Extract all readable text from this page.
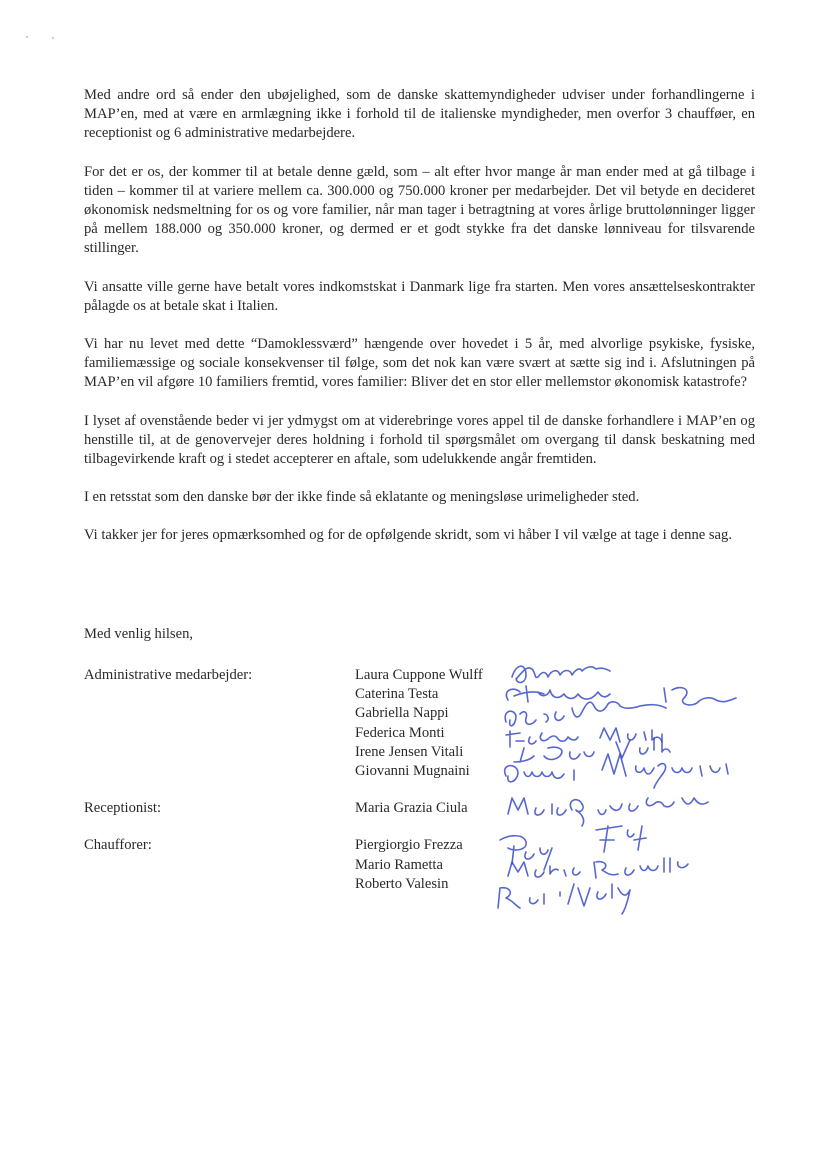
Med andre ord så ender den ubøjelighed, som de danske skattemyndigheder udviser under forhandlingerne i MAP’en, med at være en armlægning ikke i forhold til de italienske myndigheder, men overfor 3 chaufføer, en receptionist og 6 administrative medarbejdere.

For det er os, der kommer til at betale denne gæld, som – alt efter hvor mange år man ender med at gå tilbage i tiden – kommer til at variere mellem ca. 300.000 og 750.000 kroner per medarbejder. Det vil betyde en decideret økonomisk nedsmeltning for os og vore familier, når man tager i betragtning at vores årlige bruttolønninger ligger på mellem 188.000 og 350.000 kroner, og dermed er et godt stykke fra det danske lønniveau for tilsvarende stillinger.

Vi ansatte ville gerne have betalt vores indkomstskat i Danmark lige fra starten. Men vores ansættelseskontrakter pålagde os at betale skat i Italien.

Vi har nu levet med dette “Damoklessværd” hængende over hovedet i 5 år, med alvorlige psykiske, fysiske, familiemæssige og sociale konsekvenser til følge, som det nok kan være svært at sætte sig ind i. Afslutningen på MAP’en vil afgøre 10 familiers fremtid, vores familier: Bliver det en stor eller mellemstor økonomisk katastrofe?

I lyset af ovenstående beder vi jer ydmygst om at viderebringe vores appel til de danske forhandlere i MAP’en og henstille til, at de genovervejer deres holdning i forhold til spørgsmålet om overgang til dansk beskatning med tilbagevirkende kraft og i stedet accepterer en aftale, som udelukkende angår fremtiden.

I en retsstat som den danske bør der ikke finde så eklatante og meningsløse urimeligheder sted.

Vi takker jer for jeres opmærksomhed og for de opfølgende skridt, som vi håber I vil vælge at tage i denne sag.

Med venlig hilsen,
Administrative medarbejder:	Laura Cuppone Wulff
Caterina Testa
Gabriella Nappi
Federica Monti
Irene Jensen Vitali
Giovanni Mugnaini
Receptionist:	Maria Grazia Ciula
Chaufforer:	Piergiorgio Frezza
Mario Rametta
Roberto Valesin
